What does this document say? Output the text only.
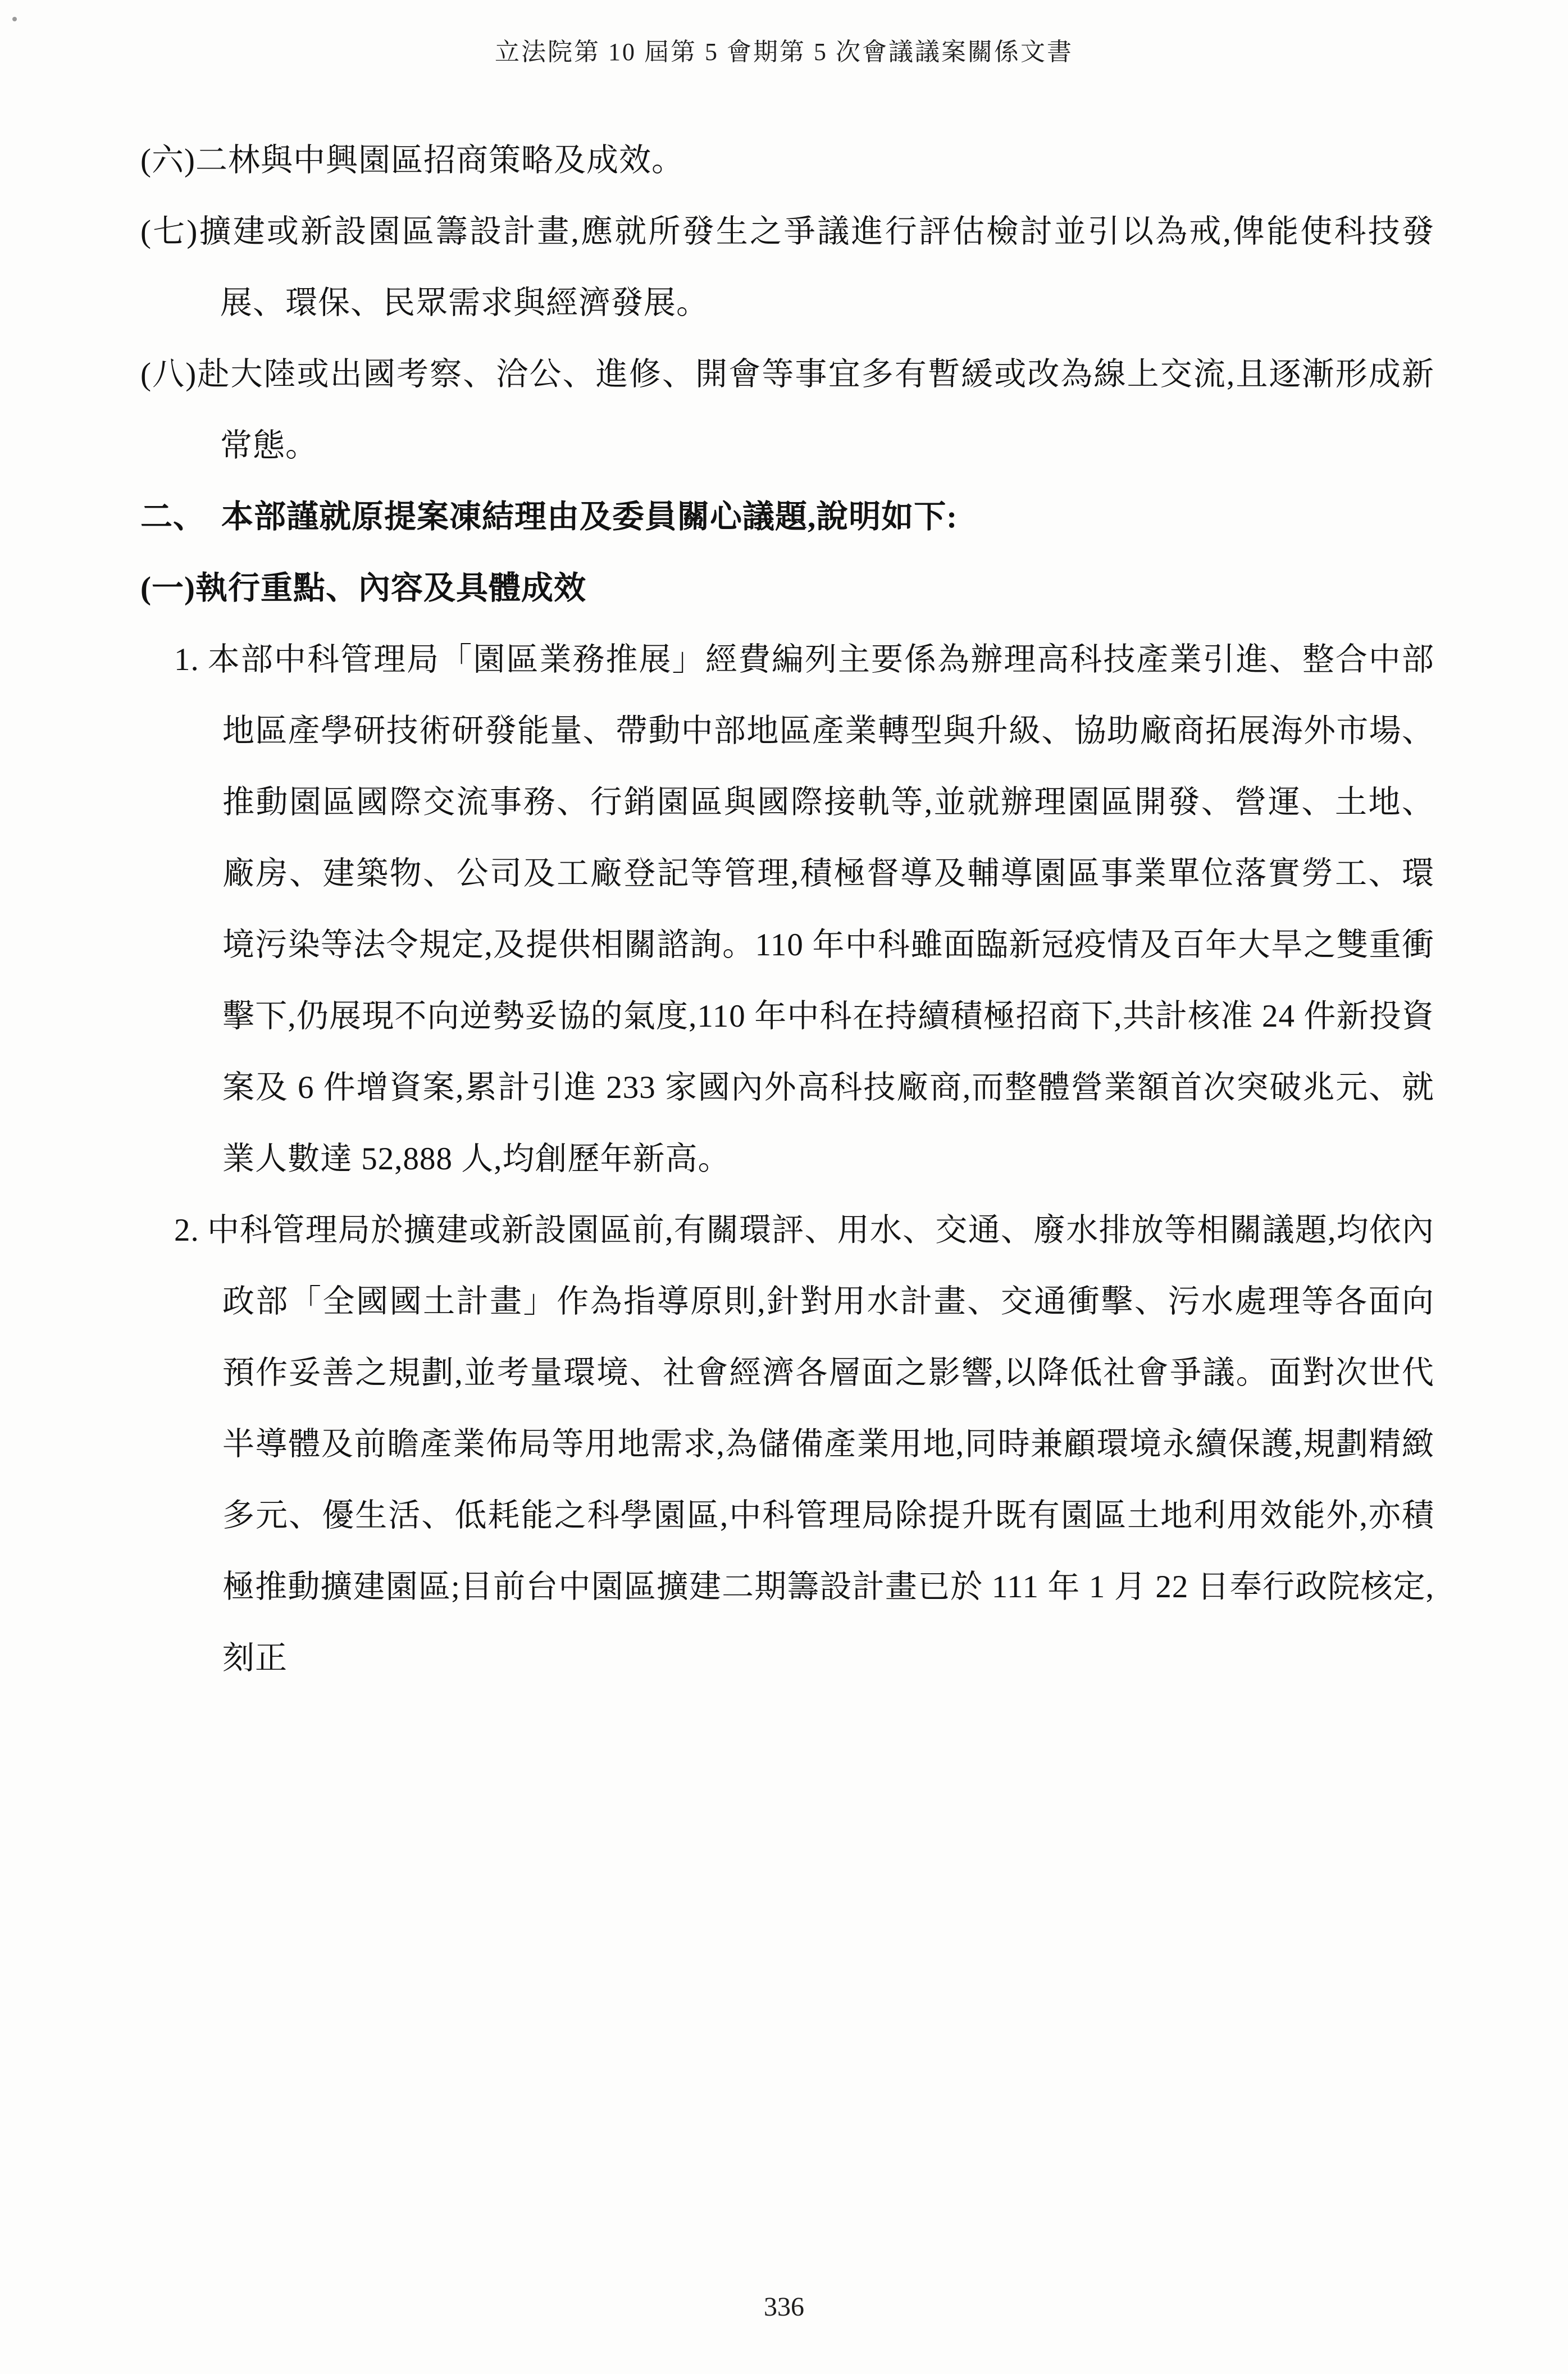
立法院第 10 屆第 5 會期第 5 次會議議案關係文書

(六)二林與中興園區招商策略及成效。

(七)擴建或新設園區籌設計畫,應就所發生之爭議進行評估檢討並引以為戒,俾能使科技發展、環保、民眾需求與經濟發展。

(八)赴大陸或出國考察、洽公、進修、開會等事宜多有暫緩或改為線上交流,且逐漸形成新常態。

二、 本部謹就原提案凍結理由及委員關心議題,說明如下:

(一)執行重點、內容及具體成效

1. 本部中科管理局「園區業務推展」經費編列主要係為辦理高科技產業引進、整合中部地區產學研技術研發能量、帶動中部地區產業轉型與升級、協助廠商拓展海外市場、推動園區國際交流事務、行銷園區與國際接軌等,並就辦理園區開發、營運、土地、廠房、建築物、公司及工廠登記等管理,積極督導及輔導園區事業單位落實勞工、環境污染等法令規定,及提供相關諮詢。110 年中科雖面臨新冠疫情及百年大旱之雙重衝擊下,仍展現不向逆勢妥協的氣度,110 年中科在持續積極招商下,共計核准 24 件新投資案及 6 件增資案,累計引進 233 家國內外高科技廠商,而整體營業額首次突破兆元、就業人數達 52,888 人,均創歷年新高。

2. 中科管理局於擴建或新設園區前,有關環評、用水、交通、廢水排放等相關議題,均依內政部「全國國土計畫」作為指導原則,針對用水計畫、交通衝擊、污水處理等各面向預作妥善之規劃,並考量環境、社會經濟各層面之影響,以降低社會爭議。面對次世代半導體及前瞻產業佈局等用地需求,為儲備產業用地,同時兼顧環境永續保護,規劃精緻多元、優生活、低耗能之科學園區,中科管理局除提升既有園區土地利用效能外,亦積極推動擴建園區;目前台中園區擴建二期籌設計畫已於 111 年 1 月 22 日奉行政院核定,刻正

336
